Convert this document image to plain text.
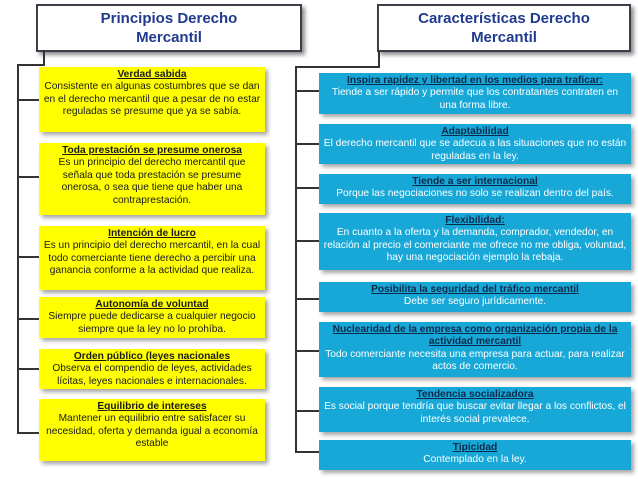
Principios Derecho
Mercantil
Características Derecho
Mercantil
Verdad sabida
Consistente en algunas costumbres que se dan en el derecho mercantil que a pesar de no estar reguladas se presume que ya se sabía.
Toda prestación se presume onerosa
Es un principio del derecho mercantil que señala que toda prestación se presume onerosa, o sea que tiene que haber una contraprestación.
Intención de lucro
Es un principio del derecho mercantil, en la cual todo comerciante tiene derecho a percibir una ganancia conforme a la actividad que realiza.
Autonomía de voluntad
Siempre puede dedicarse a cualquier negocio siempre que la ley no lo prohíba.
Orden público (leyes nacionales
Observa el compendio de leyes, actividades lícitas, leyes nacionales e internacionales.
Equilibrio de intereses
Mantener un equilibrio entre satisfacer su necesidad, oferta y demanda igual a economía estable
Inspira rapidez y libertad en los medios para traficar:
Tiende a ser rápido y permite que los contratantes contraten en una forma libre.
Adaptabilidad
El derecho mercantil que se adecua a las situaciones que no están reguladas en la ley.
Tiende a ser internacional
Porque las negociaciones no solo se realizan dentro del país.
Flexibilidad:
En cuanto a la oferta y la demanda, comprador, vendedor, en relación al precio el comerciante me ofrece no me obliga, voluntad, hay una negociación ejemplo la rebaja.
Posibilita la seguridad del tráfico mercantil
Debe ser seguro jurídicamente.
Nuclearidad de la empresa como organización propia de la actividad mercantil
Todo comerciante necesita una empresa para actuar, para realizar actos de comercio.
Tendencia socializadora
Es social porque tendría que buscar evitar llegar a los conflictos, el interés social prevalece.
Tipicidad
Contemplado en la ley.
